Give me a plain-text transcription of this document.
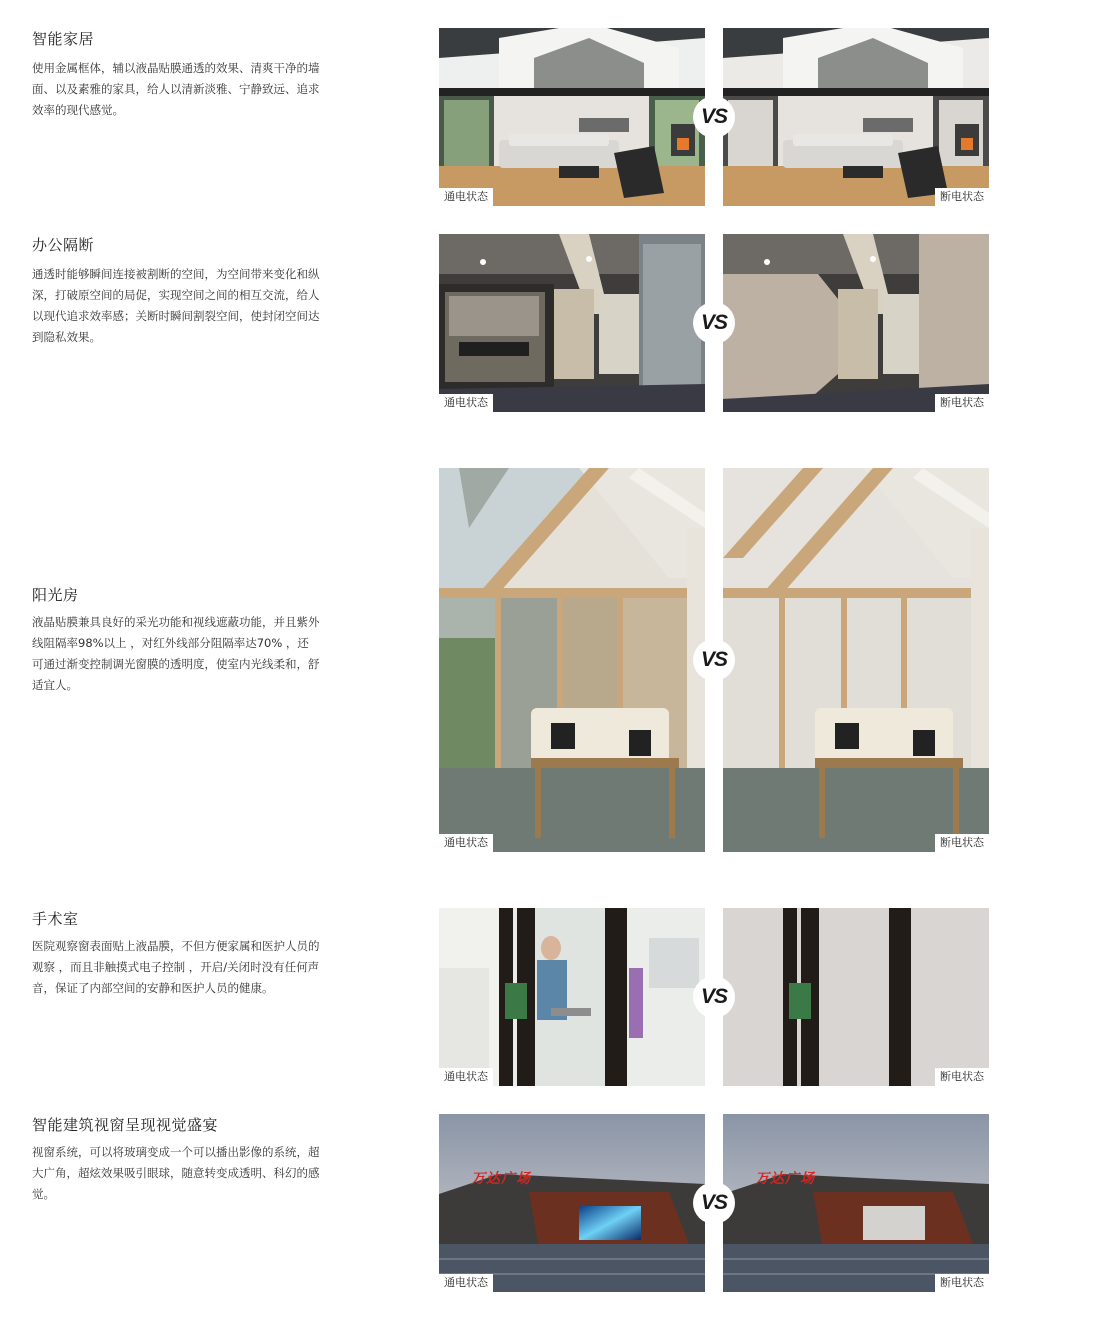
智能家居

使用金属框体，辅以液晶贴膜通透的效果、清爽干净的墙面、以及素雅的家具，给人以清新淡雅、宁静致远、追求效率的现代感觉。

通电状态	断电状态
VS
办公隔断

通透时能够瞬间连接被割断的空间，为空间带来变化和纵深，打破原空间的局促，实现空间之间的相互交流，给人以现代追求效率感；关断时瞬间割裂空间，使封闭空间达到隐私效果。

通电状态	断电状态
VS
阳光房

液晶贴膜兼具良好的采光功能和视线遮蔽功能，并且紫外线阻隔率98%以上 ，对红外线部分阻隔率达70% ，还可通过渐变控制调光窗膜的透明度，使室内光线柔和，舒适宜人。

通电状态	断电状态
VS
手术室

医院观察窗表面贴上液晶膜，不但方便家属和医护人员的观察 ，而且非触摸式电子控制 ，开启/关闭时没有任何声音，保证了内部空间的安静和医护人员的健康。

通电状态	断电状态
VS
智能建筑视窗呈现视觉盛宴

视窗系统，可以将玻璃变成一个可以播出影像的系统，超大广角，超炫效果吸引眼球，随意转变成透明、科幻的感觉。

万达广场
通电状态
万达广场
断电状态
VS
